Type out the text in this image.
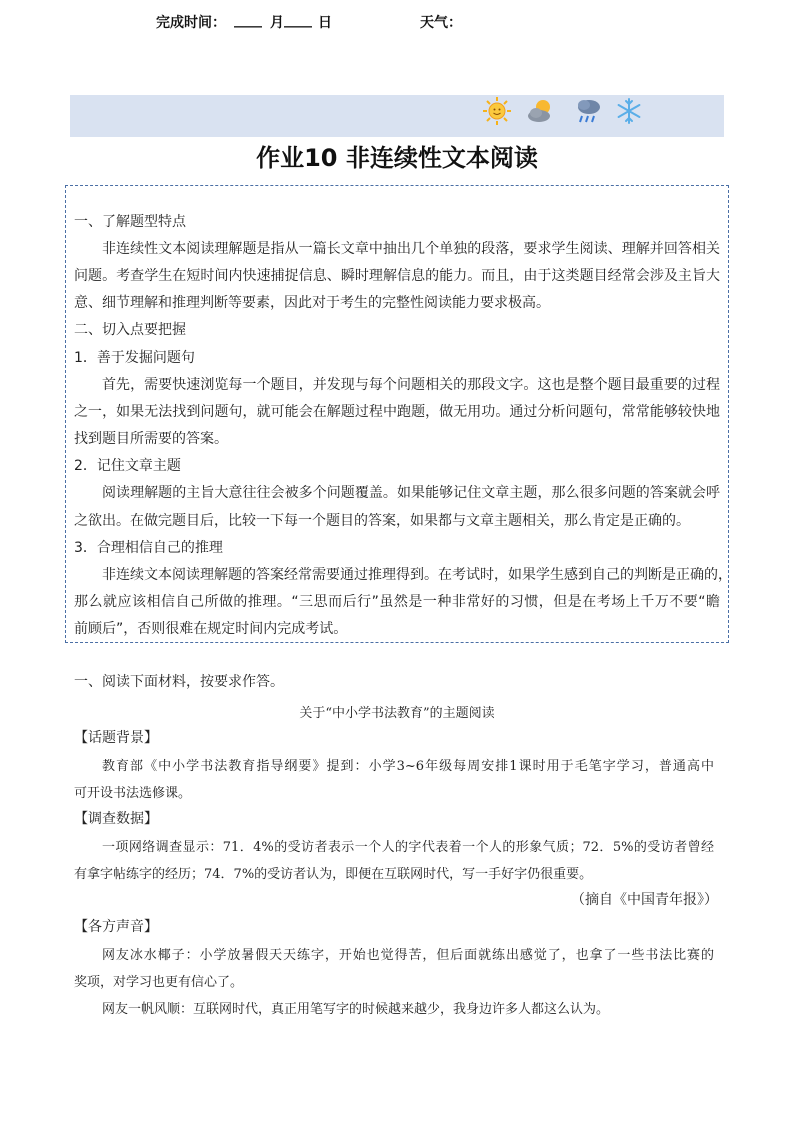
完成时间： ____ 月 ____ 日	天气：
作业10 非连续性文本阅读
一、了解题型特点
非连续性文本阅读理解题是指从一篇长文章中抽出几个单独的段落，要求学生阅读、理解并回答相关
问题。考查学生在短时间内快速捕捉信息、瞬时理解信息的能力。而且，由于这类题目经常会涉及主旨大
意、细节理解和推理判断等要素，因此对于考生的完整性阅读能力要求极高。
二、切入点要把握
1．善于发掘问题句
首先，需要快速浏览每一个题目，并发现与每个问题相关的那段文字。这也是整个题目最重要的过程
之一，如果无法找到问题句，就可能会在解题过程中跑题，做无用功。通过分析问题句，常常能够较快地
找到题目所需要的答案。
2．记住文章主题
阅读理解题的主旨大意往往会被多个问题覆盖。如果能够记住文章主题，那么很多问题的答案就会呼
之欲出。在做完题目后，比较一下每一个题目的答案，如果都与文章主题相关，那么肯定是正确的。
3．合理相信自己的推理
非连续文本阅读理解题的答案经常需要通过推理得到。在考试时，如果学生感到自己的判断是正确的，
那么就应该相信自己所做的推理。“三思而后行”虽然是一种非常好的习惯，但是在考场上千万不要“瞻
前顾后”，否则很难在规定时间内完成考试。
一、阅读下面材料，按要求作答。
关于“中小学书法教育”的主题阅读
【话题背景】
教育部《中小学书法教育指导纲要》提到：小学3~6年级每周安排1课时用于毛笔字学习，普通高中
可开设书法选修课。
【调查数据】
一项网络调查显示：71．4%的受访者表示一个人的字代表着一个人的形象气质；72．5%的受访者曾经
有拿字帖练字的经历；74．7%的受访者认为，即便在互联网时代，写一手好字仍很重要。
（摘自《中国青年报》）
【各方声音】
网友冰水椰子：小学放暑假天天练字，开始也觉得苦，但后面就练出感觉了，也拿了一些书法比赛的
奖项，对学习也更有信心了。
网友一帆风顺：互联网时代，真正用笔写字的时候越来越少，我身边许多人都这么认为。
